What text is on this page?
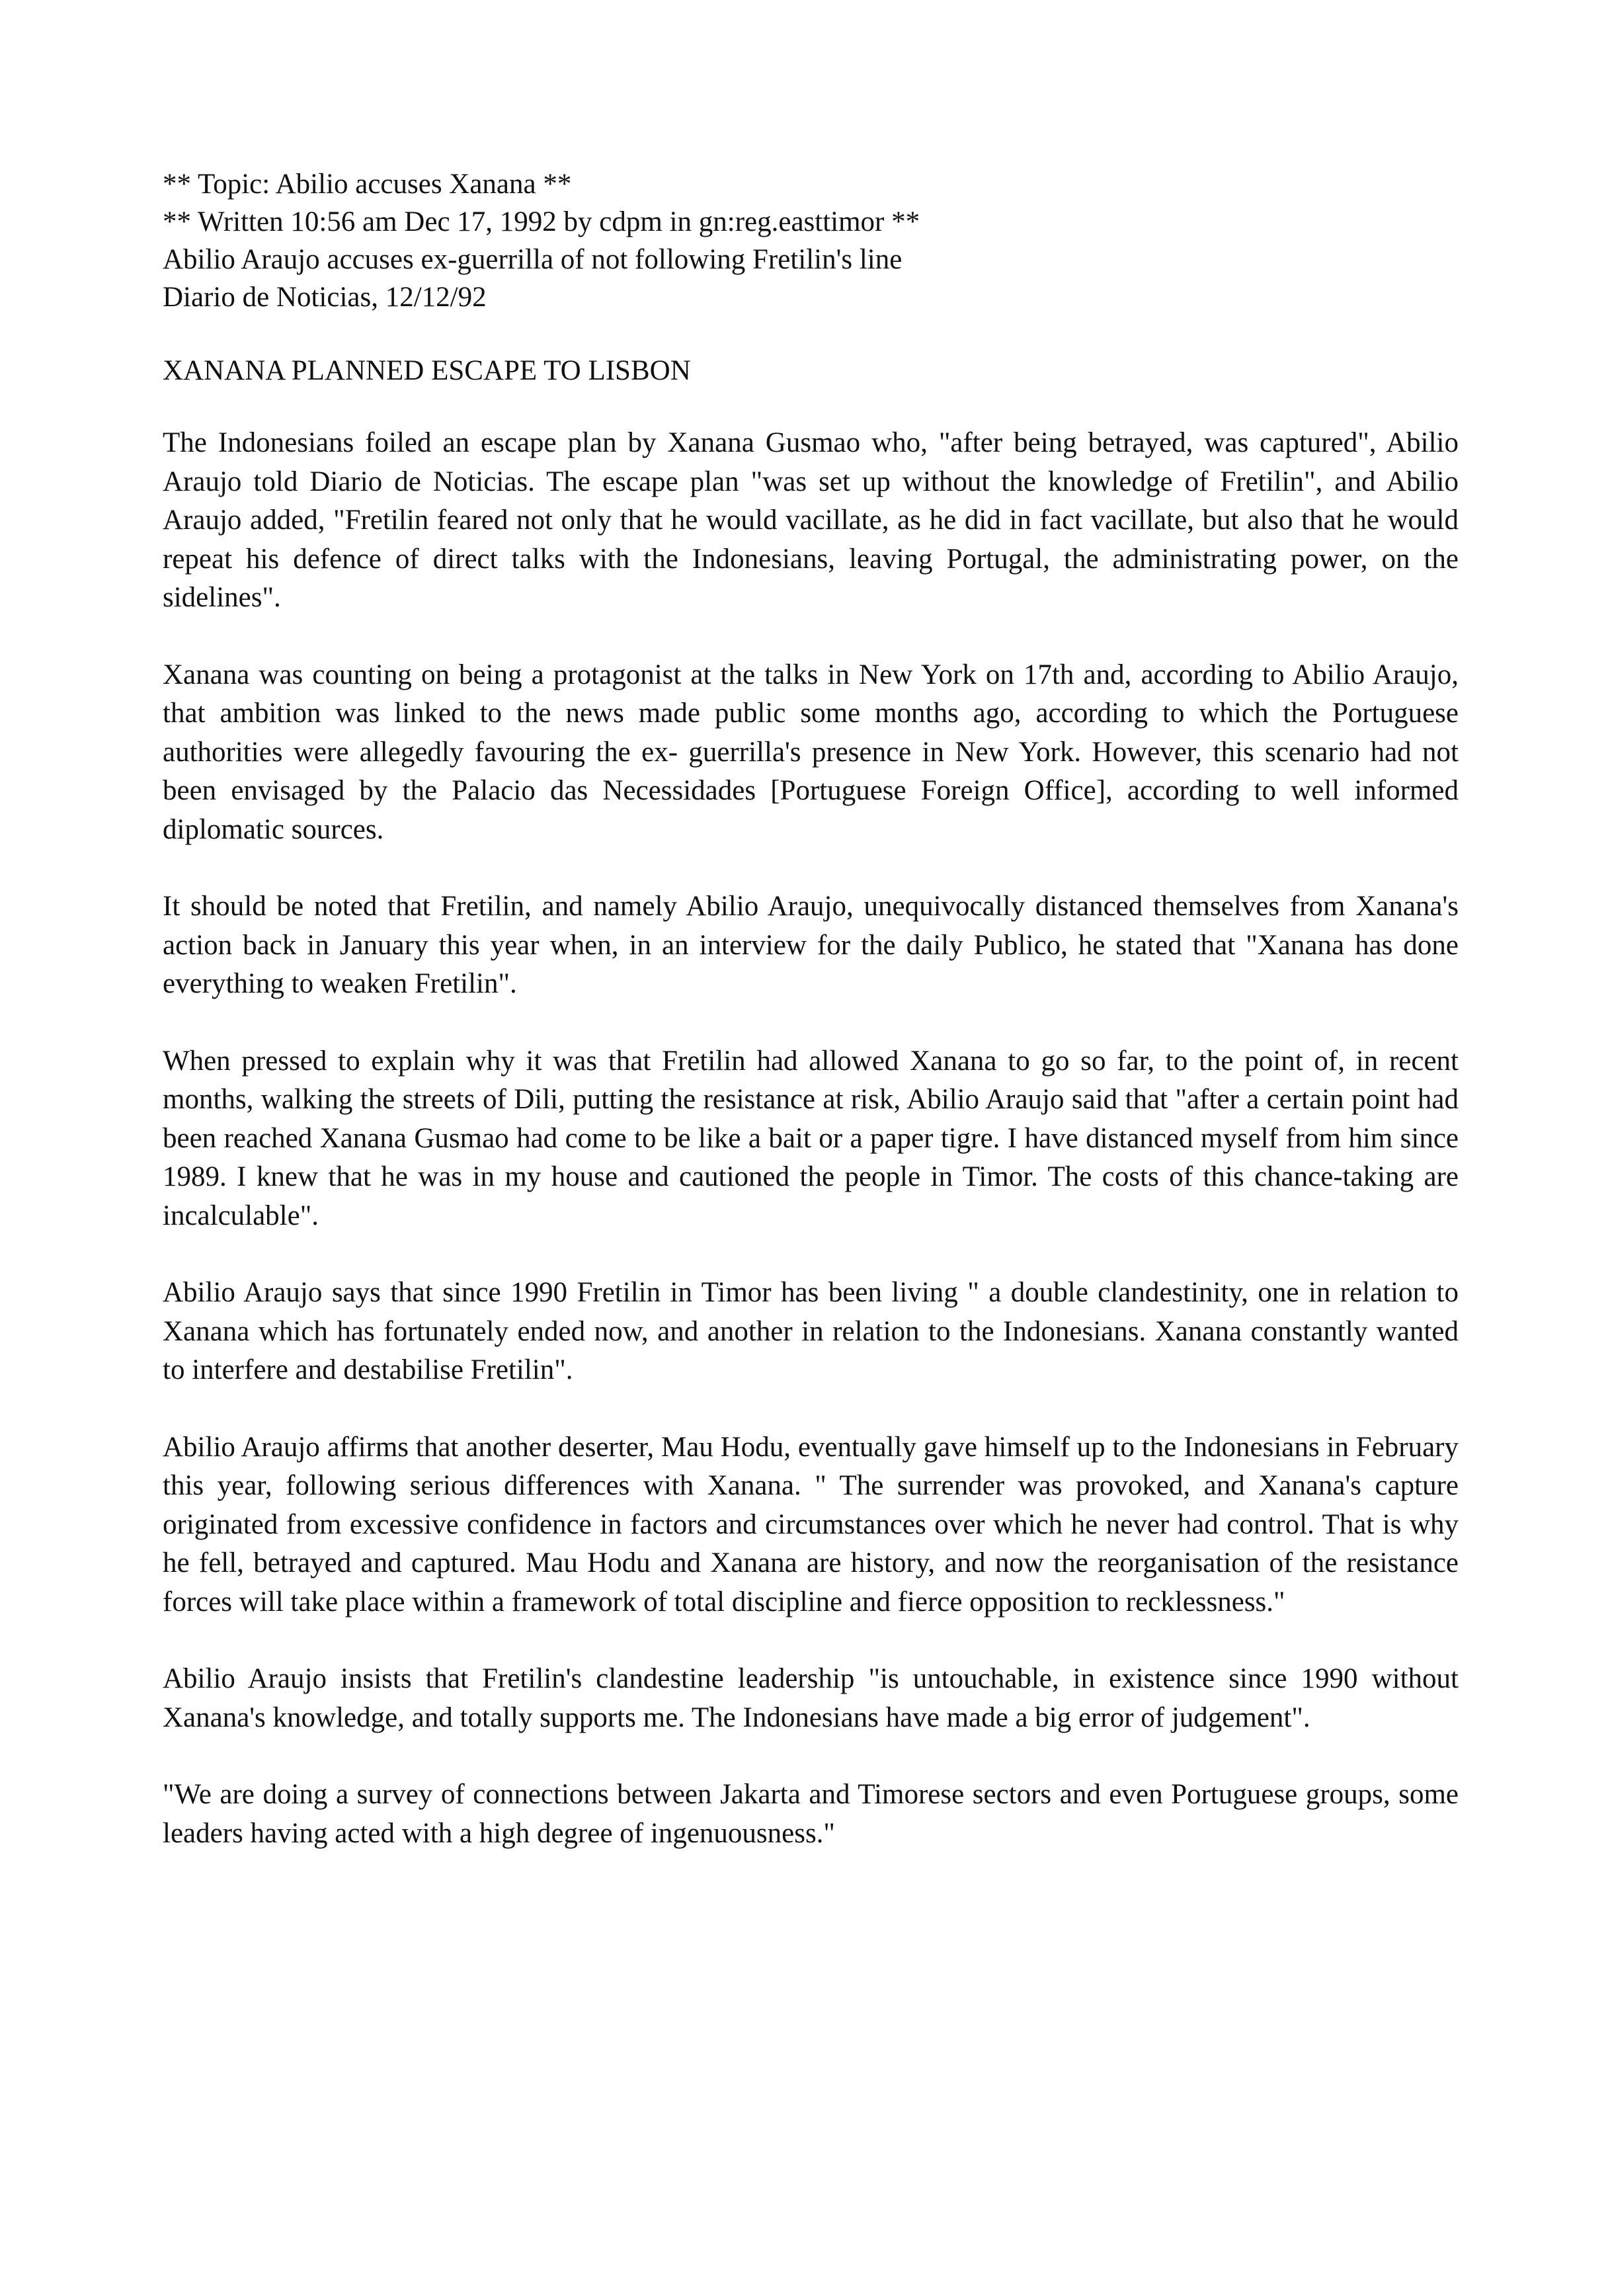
** Topic: Abilio accuses Xanana **

** Written 10:56 am Dec 17, 1992 by cdpm in gn:reg.easttimor **

Abilio Araujo accuses ex-guerrilla of not following Fretilin's line

Diario de Noticias, 12/12/92

XANANA PLANNED ESCAPE TO LISBON

The Indonesians foiled an escape plan by Xanana Gusmao who, "after being betrayed, was captured", Abilio Araujo told Diario de Noticias. The escape plan "was set up without the knowledge of Fretilin", and Abilio Araujo added, "Fretilin feared not only that he would vacillate, as he did in fact vacillate, but also that he would repeat his defence of direct talks with the Indonesians, leaving Portugal, the administrating power, on the sidelines".

Xanana was counting on being a protagonist at the talks in New York on 17th and, according to Abilio Araujo, that ambition was linked to the news made public some months ago, according to which the Portuguese authorities were allegedly favouring the ex- guerrilla's presence in New York. However, this scenario had not been envisaged by the Palacio das Necessidades [Portuguese Foreign Office], according to well informed diplomatic sources.

It should be noted that Fretilin, and namely Abilio Araujo, unequivocally distanced themselves from Xanana's action back in January this year when, in an interview for the daily Publico, he stated that "Xanana has done everything to weaken Fretilin".

When pressed to explain why it was that Fretilin had allowed Xanana to go so far, to the point of, in recent months, walking the streets of Dili, putting the resistance at risk, Abilio Araujo said that "after a certain point had been reached Xanana Gusmao had come to be like a bait or a paper tigre. I have distanced myself from him since 1989. I knew that he was in my house and cautioned the people in Timor. The costs of this chance-taking are incalculable".

Abilio Araujo says that since 1990 Fretilin in Timor has been living " a double clandestinity, one in relation to Xanana which has fortunately ended now, and another in relation to the Indonesians. Xanana constantly wanted to interfere and destabilise Fretilin".

Abilio Araujo affirms that another deserter, Mau Hodu, eventually gave himself up to the Indonesians in February this year, following serious differences with Xanana. " The surrender was provoked, and Xanana's capture originated from excessive confidence in factors and circumstances over which he never had control. That is why he fell, betrayed and captured. Mau Hodu and Xanana are history, and now the reorganisation of the resistance forces will take place within a framework of total discipline and fierce opposition to recklessness."

Abilio Araujo insists that Fretilin's clandestine leadership "is untouchable, in existence since 1990 without Xanana's knowledge, and totally supports me. The Indonesians have made a big error of judgement".

"We are doing a survey of connections between Jakarta and Timorese sectors and even Portuguese groups, some leaders having acted with a high degree of ingenuousness."
